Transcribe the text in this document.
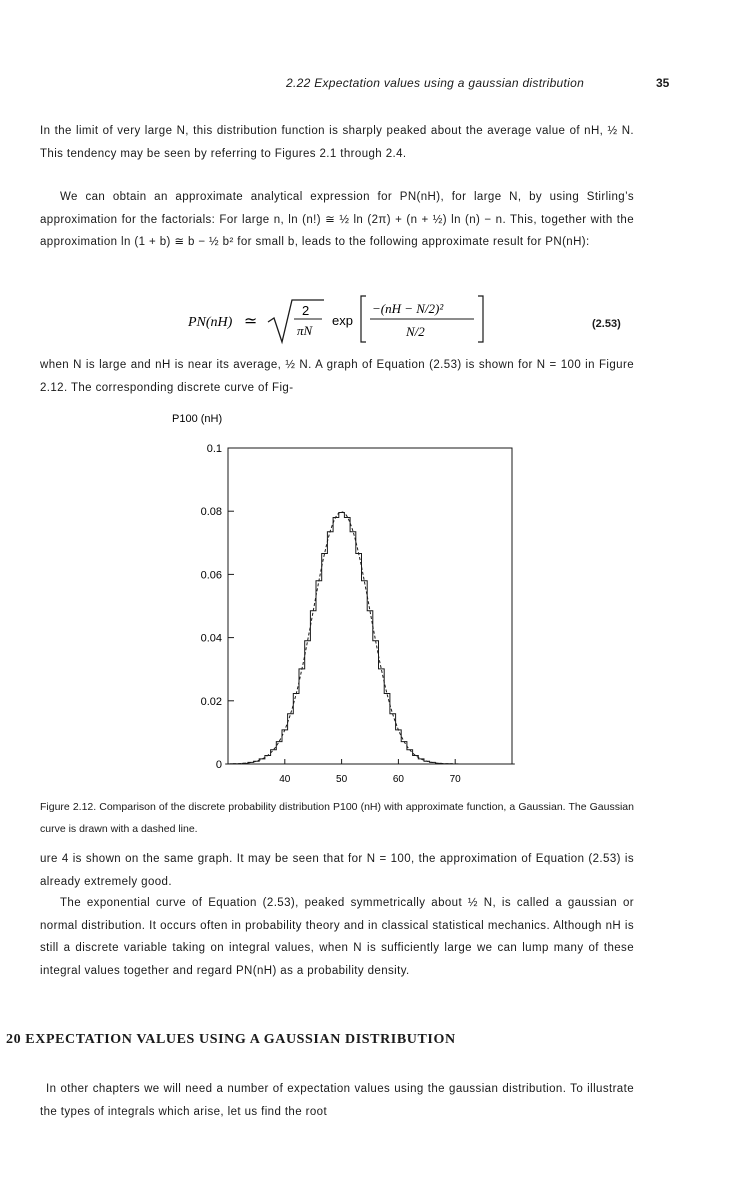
2.22 Expectation values using a gaussian distribution	35
In the limit of very large N, this distribution function is sharply peaked about the average value of nH, ½ N. This tendency may be seen by referring to Figures 2.1 through 2.4.
We can obtain an approximate analytical expression for PN(nH), for large N, by using Stirling’s approximation for the factorials: For large n, ln (n!) ≅ ½ ln (2π) + (n + ½) ln (n) − n. This, together with the approximation ln (1 + b) ≅ b − ½ b² for small b, leads to the following approximate result for PN(nH):
PN(nH) ≃
2
πN
exp
−(nH − N/2)²
N/2	(2.53)
when N is large and nH is near its average, ½ N. A graph of Equation (2.53) is shown for N = 100 in Figure 2.12. The corresponding discrete curve of Fig-
P100 (nH)
0
0.02
0.04
0.06
0.08
0.1
40	50	60	70
Figure 2.12. Comparison of the discrete probability distribution P100 (nH) with approximate function, a Gaussian. The Gaussian curve is drawn with a dashed line.
ure 4 is shown on the same graph. It may be seen that for N = 100, the approximation of Equation (2.53) is already extremely good.
The exponential curve of Equation (2.53), peaked symmetrically about ½ N, is called a gaussian or normal distribution. It occurs often in probability theory and in classical statistical mechanics. Although nH is still a discrete variable taking on integral values, when N is sufficiently large we can lump many of these integral values together and regard PN(nH) as a probability density.
20 EXPECTATION VALUES USING A GAUSSIAN DISTRIBUTION
In other chapters we will need a number of expectation values using the gaussian distribution. To illustrate the types of integrals which arise, let us find the root
